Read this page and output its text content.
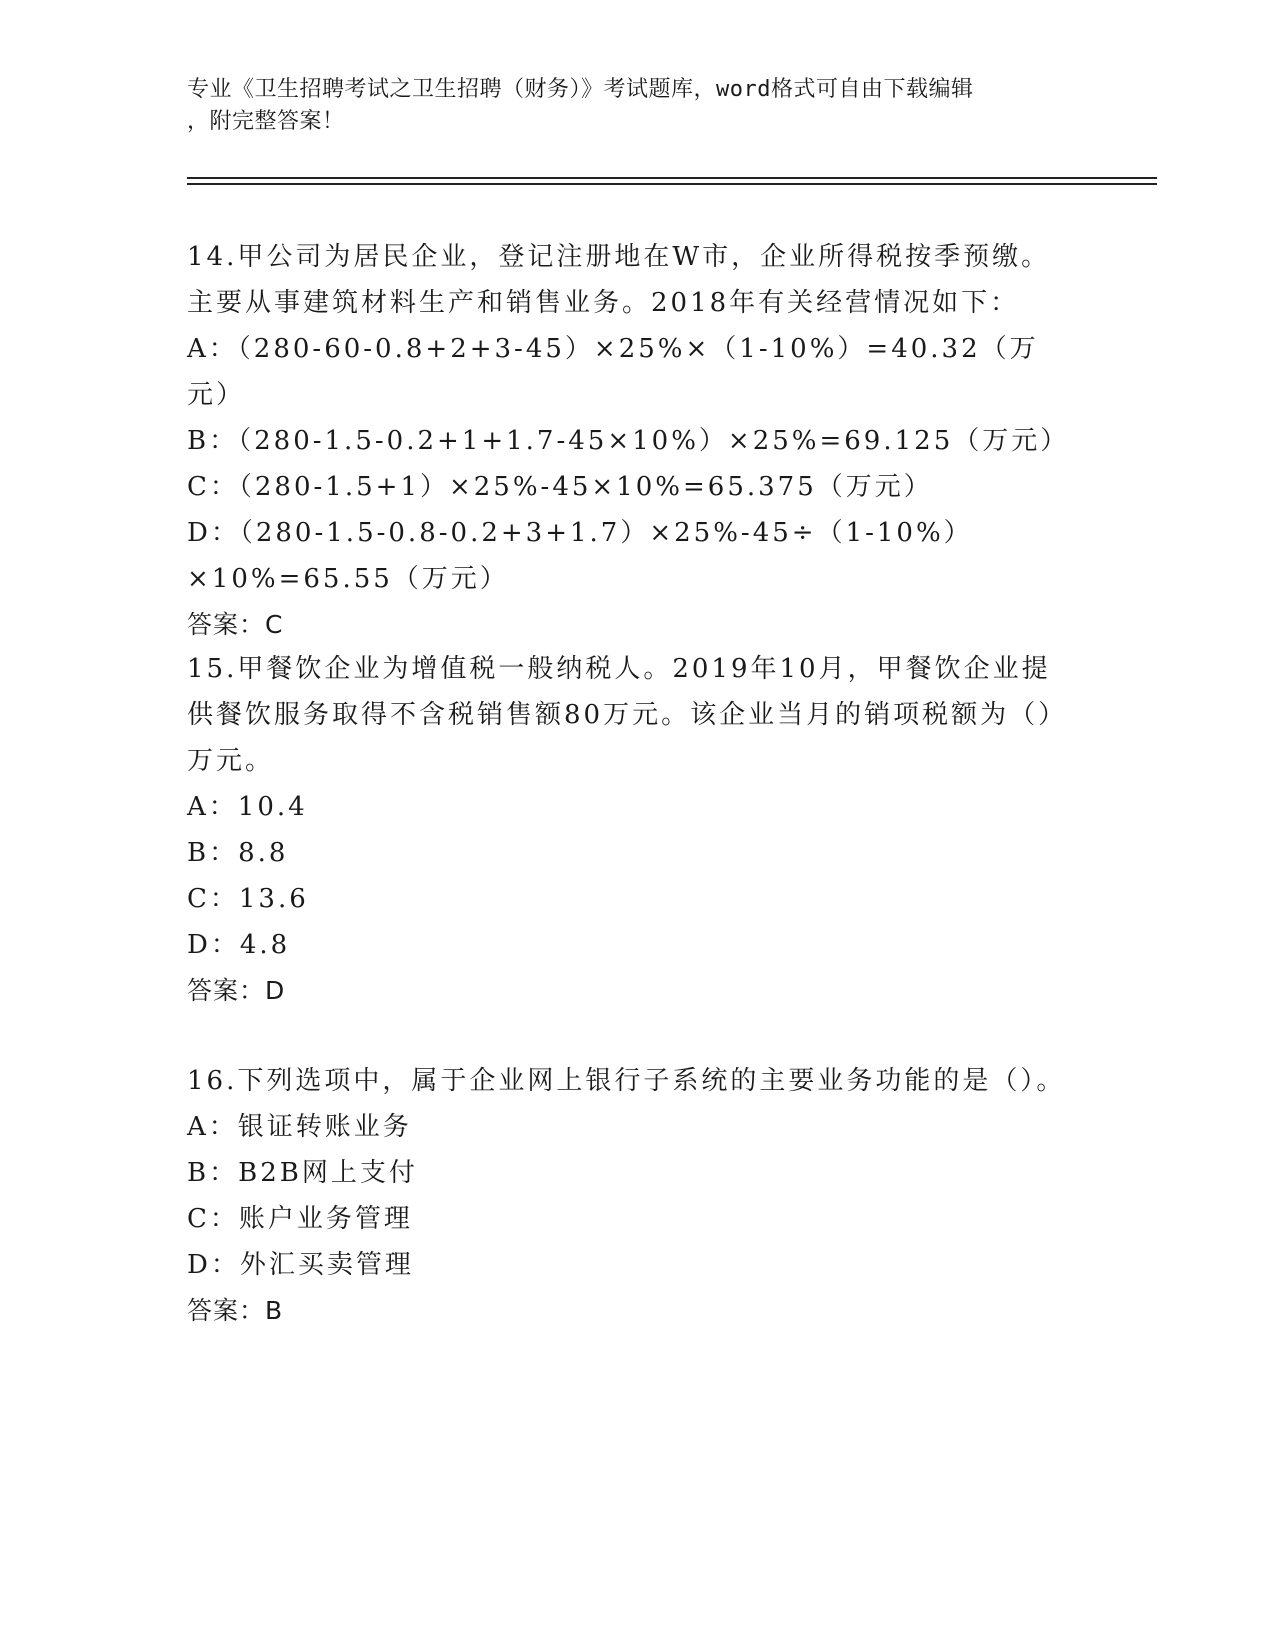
专业《卫生招聘考试之卫生招聘（财务）》考试题库，word格式可自由下载编辑
，附完整答案！

14.甲公司为居民企业，登记注册地在W市，企业所得税按季预缴。主要从事建筑材料生产和销售业务。2018年有关经营情况如下：

A：（280-60-0.8+2+3-45）×25%×（1-10%）=40.32（万元）

B：（280-1.5-0.2+1+1.7-45×10%）×25%=69.125（万元）

C：（280-1.5+1）×25%-45×10%=65.375（万元）

D：（280-1.5-0.8-0.2+3+1.7）×25%-45÷（1-10%）×10%=65.55（万元）

答案：C

15.甲餐饮企业为增值税一般纳税人。2019年10月，甲餐饮企业提供餐饮服务取得不含税销售额80万元。该企业当月的销项税额为（）万元。

A：10.4

B：8.8

C：13.6

D：4.8

答案：D

16.下列选项中，属于企业网上银行子系统的主要业务功能的是（）。

A：银证转账业务

B：B2B网上支付

C：账户业务管理

D：外汇买卖管理

答案：B
